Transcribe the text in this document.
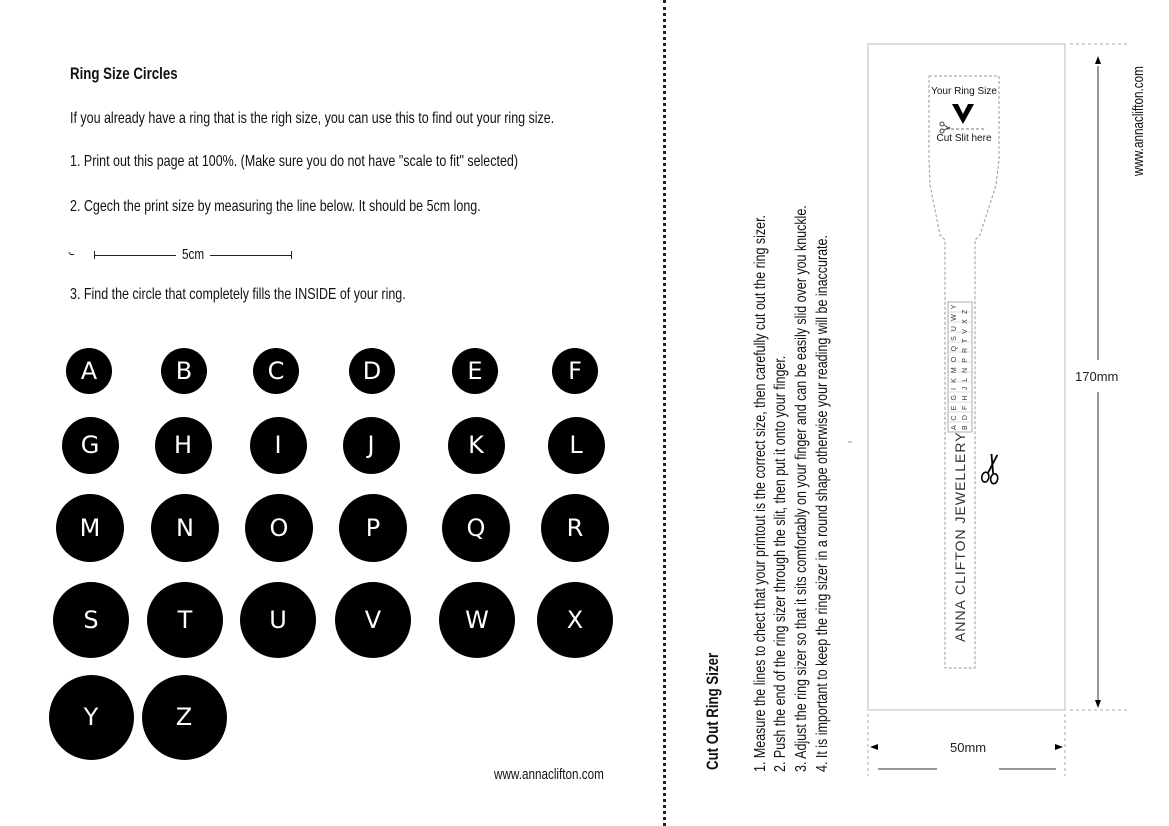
Ring Size Circles
If you already have a ring that is the righ size, you can use this to find out your ring size.
1. Print out this page at 100%. (Make sure you do not have "scale to fit" selected)
2. Cgech the print size by measuring the line below. It should be 5cm long.
-	5cm
3. Find the circle that completely fills the INSIDE of your ring.
A	B	C	D	E	F
G	H	I	J	K	L
M	N	O	P	Q	R
S	T	U	V	W	X
Y	Z
www.annaclifton.com
Cut Out Ring Sizer 1. Measure the lines to chect that your printout is the correct size, then carefully cut out the ring sizer. 2. Push the end of the ring sizer through the slit, then put it onto your finger. 3. Adjust the ring sizer so that it sits comfortably on your finger and can be easily slid over you knuckle. 4. It is important to keep the ring sizer in a round shape otherwise your reading will be inaccurate.
www.annaclifton.com
Your Ring Size
Cut Slit here
A C E G I K M O Q S U W Y B D F H J L N P R T V X Z
ANNA CLIFTON JEWELLERY
170mm
50mm
